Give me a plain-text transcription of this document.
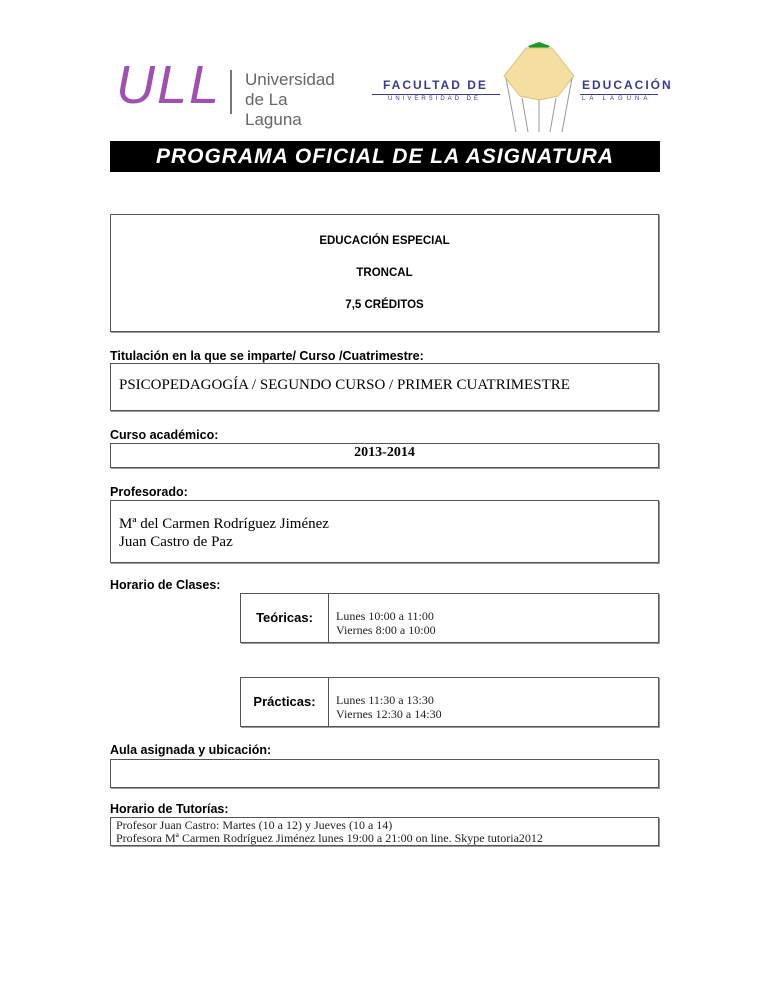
ULL Universidad
de La Laguna
FACULTAD DE
UNIVERSIDAD DE
EDUCACIÓN
LA LAGUNA
PROGRAMA OFICIAL DE LA ASIGNATURA
EDUCACIÓN ESPECIAL
TRONCAL
7,5 CRÉDITOS
Titulación en la que se imparte/ Curso /Cuatrimestre:
PSICOPEDAGOGÍA / SEGUNDO CURSO / PRIMER CUATRIMESTRE
Curso académico:
2013-2014
Profesorado:
Mª del Carmen Rodríguez Jiménez
Juan Castro de Paz
Horario de Clases:
Teóricas:	Lunes 10:00 a 11:00
Viernes 8:00 a 10:00
Prácticas:	Lunes 11:30 a 13:30
Viernes 12:30 a 14:30
Aula asignada y ubicación:
Horario de Tutorías:
Profesor Juan Castro: Martes (10 a 12) y Jueves (10 a 14)
Profesora Mª Carmen Rodríguez Jiménez lunes 19:00 a 21:00 on line. Skype tutoria2012
